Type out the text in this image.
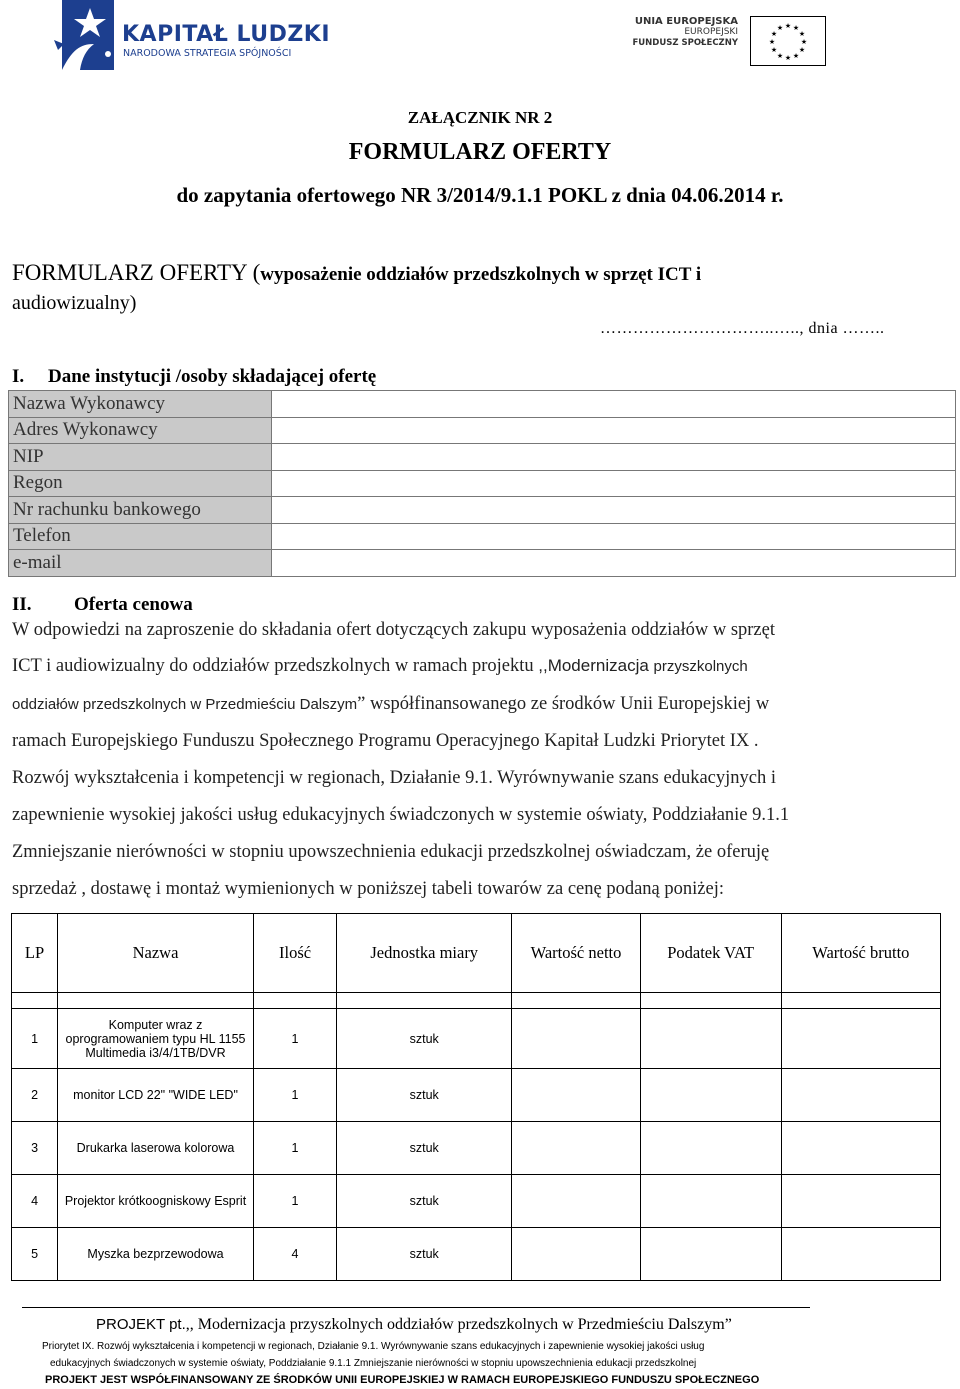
KAPITAŁ LUDZKI
NARODOWA STRATEGIA SPÓJNOŚCI
UNIA EUROPEJSKA
EUROPEJSKI
FUNDUSZ SPOŁECZNY
★ ★
★
★
★
★
★
★
★
★
★
★
ZAŁĄCZNIK NR 2
FORMULARZ OFERTY
do zapytania ofertowego NR 3/2014/9.1.1 POKL z dnia 04.06.2014 r.
FORMULARZ OFERTY (wyposażenie oddziałów przedszkolnych w sprzęt ICT i
audiowizualny)
…………………………..….., dnia ……..
I. Dane instytucji /osoby składającej ofertę
Nazwa Wykonawcy	
Adres Wykonawcy	
NIP	
Regon	
Nr rachunku bankowego	
Telefon	
e-mail	
II. Oferta cenowa
W odpowiedzi na zaproszenie do składania ofert dotyczących zakupu wyposażenia oddziałów w sprzęt
ICT i audiowizualny do oddziałów przedszkolnych w ramach projektu ,,Modernizacja przyszkolnych
oddziałów przedszkolnych w Przedmieściu Dalszym” współfinansowanego ze środków Unii Europejskiej w
ramach Europejskiego Funduszu Społecznego Programu Operacyjnego Kapitał Ludzki Priorytet IX .
Rozwój wykształcenia i kompetencji w regionach, Działanie 9.1. Wyrównywanie szans edukacyjnych i
zapewnienie wysokiej jakości usług edukacyjnych świadczonych w systemie oświaty, Poddziałanie 9.1.1
Zmniejszanie nierówności w stopniu upowszechnienia edukacji przedszkolnej oświadczam, że oferuję
sprzedaż , dostawę i montaż wymienionych w poniższej tabeli towarów za cenę podaną poniżej:
LP	Nazwa	Ilość	Jednostka miary	Wartość netto	Podatek VAT	Wartość brutto

1	Komputer wraz z oprogramowaniem typu HL 1155 Multimedia i3/4/1TB/DVR	1	sztuk			
2	monitor LCD 22" "WIDE LED"	1	sztuk			
3	Drukarka laserowa kolorowa	1	sztuk			
4	Projektor krótkoogniskowy Esprit	1	sztuk			
5	Myszka bezprzewodowa	4	sztuk			
PROJEKT pt.,, Modernizacja przyszkolnych oddziałów przedszkolnych w Przedmieściu Dalszym”
Priorytet IX. Rozwój wykształcenia i kompetencji w regionach, Działanie 9.1. Wyrównywanie szans edukacyjnych i zapewnienie wysokiej jakości usług
edukacyjnych świadczonych w systemie oświaty, Poddziałanie 9.1.1 Zmniejszanie nierówności w stopniu upowszechnienia edukacji przedszkolnej
PROJEKT JEST WSPÓŁFINANSOWANY ZE ŚRODKÓW UNII EUROPEJSKIEJ W RAMACH EUROPEJSKIEGO FUNDUSZU SPOŁECZNEGO
